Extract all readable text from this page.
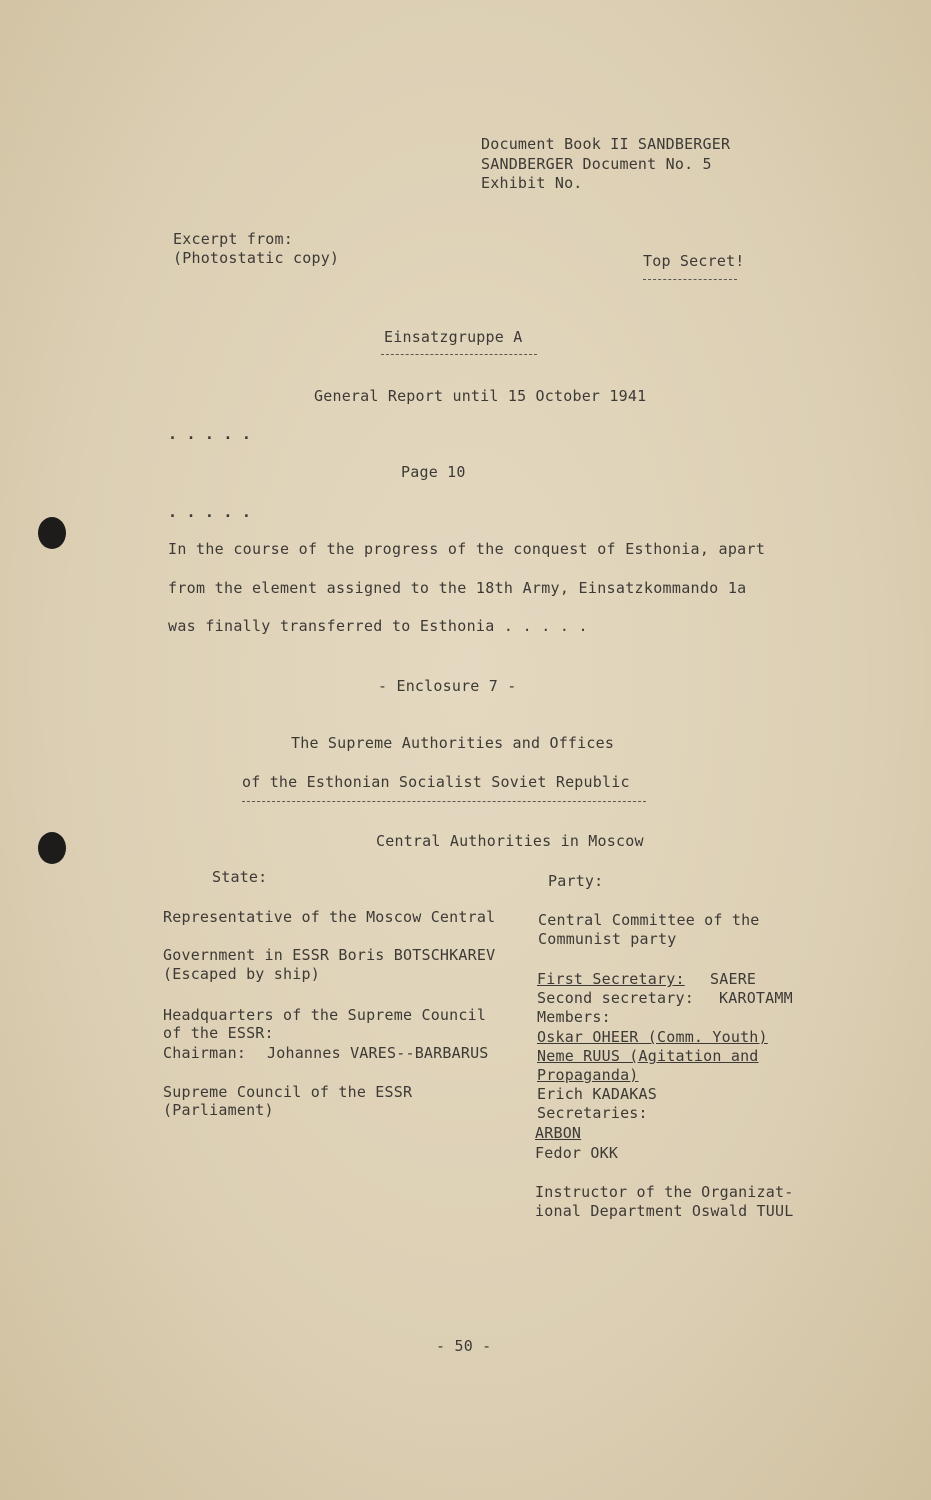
Document Book II SANDBERGER
SANDBERGER Document No. 5
Exhibit No.
Excerpt from:
(Photostatic copy)	Top Secret!
Einsatzgruppe A
General Report until 15 October 1941
. . . . .
Page 10
. . . . .
In the course of the progress of the conquest of Esthonia, apart
from the element assigned to the 18th Army, Einsatzkommando 1a
was finally transferred to Esthonia . . . . .
- Enclosure 7 -
The Supreme Authorities and Offices
of the Esthonian Socialist Soviet Republic
Central Authorities in Moscow
State:
Representative of the Moscow Central
Government in ESSR Boris BOTSCHKAREV
(Escaped by ship)
Headquarters of the Supreme Council
of the ESSR:
Chairman: Johannes VARES--BARBARUS
Supreme Council of the ESSR
(Parliament)
Party:
Central Committee of the
Communist party
First Secretary: SAERE
Second secretary: KAROTAMM
Members:
Oskar OHEER (Comm. Youth)
Neme RUUS (Agitation and
Propaganda)
Erich KADAKAS
Secretaries:
ARBON
Fedor OKK
Instructor of the Organizat-
ional Department Oswald TUUL
- 50 -
